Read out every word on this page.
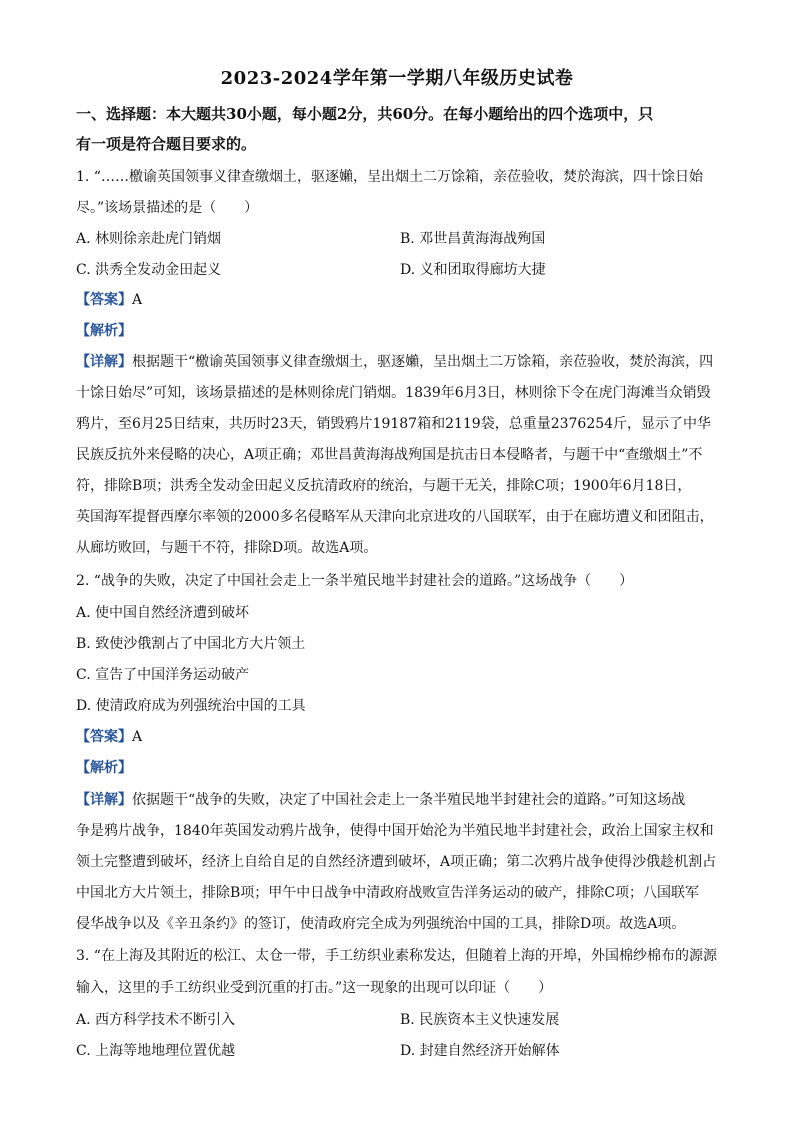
2023-2024学年第一学期八年级历史试卷
一、选择题：本大题共30小题，每小题2分，共60分。在每小题给出的四个选项中，只
有一项是符合题目要求的。
1. “……檄谕英国领事义律查缴烟土，驱逐嬾，呈出烟土二万馀箱，亲莅验收，焚於海滨，四十馀日始
尽。”该场景描述的是（　　）
A. 林则徐亲赴虎门销烟	B. 邓世昌黄海海战殉国
C. 洪秀全发动金田起义	D. 义和团取得廊坊大捷
【答案】A
【解析】
【详解】根据题干“檄谕英国领事义律查缴烟土，驱逐嬾，呈出烟土二万馀箱，亲莅验收，焚於海滨，四
十馀日始尽”可知，该场景描述的是林则徐虎门销烟。1839年6月3日，林则徐下令在虎门海滩当众销毁
鸦片，至6月25日结束，共历时23天，销毁鸦片19187箱和2119袋，总重量2376254斤，显示了中华
民族反抗外来侵略的决心，A项正确；邓世昌黄海海战殉国是抗击日本侵略者，与题干中“查缴烟土”不
符，排除B项；洪秀全发动金田起义反抗清政府的统治，与题干无关，排除C项；1900年6月18日，
英国海军提督西摩尔率领的2000多名侵略军从天津向北京进攻的八国联军，由于在廊坊遭义和团阻击，
从廊坊败回，与题干不符，排除D项。故选A项。
2. “战争的失败，决定了中国社会走上一条半殖民地半封建社会的道路。”这场战争（　　）
A. 使中国自然经济遭到破坏
B. 致使沙俄割占了中国北方大片领土
C. 宣告了中国洋务运动破产
D. 使清政府成为列强统治中国的工具
【答案】A
【解析】
【详解】依据题干“战争的失败，决定了中国社会走上一条半殖民地半封建社会的道路。”可知这场战
争是鸦片战争，1840年英国发动鸦片战争，使得中国开始沦为半殖民地半封建社会，政治上国家主权和
领土完整遭到破坏，经济上自给自足的自然经济遭到破坏，A项正确；第二次鸦片战争使得沙俄趁机割占
中国北方大片领土，排除B项；甲午中日战争中清政府战败宣告洋务运动的破产，排除C项；八国联军
侵华战争以及《辛丑条约》的签订，使清政府完全成为列强统治中国的工具，排除D项。故选A项。
3. “在上海及其附近的松江、太仓一带，手工纺织业素称发达，但随着上海的开埠，外国棉纱棉布的源源
输入，这里的手工纺织业受到沉重的打击。”这一现象的出现可以印证（　　）
A. 西方科学技术不断引入	B. 民族资本主义快速发展
C. 上海等地地理位置优越	D. 封建自然经济开始解体
